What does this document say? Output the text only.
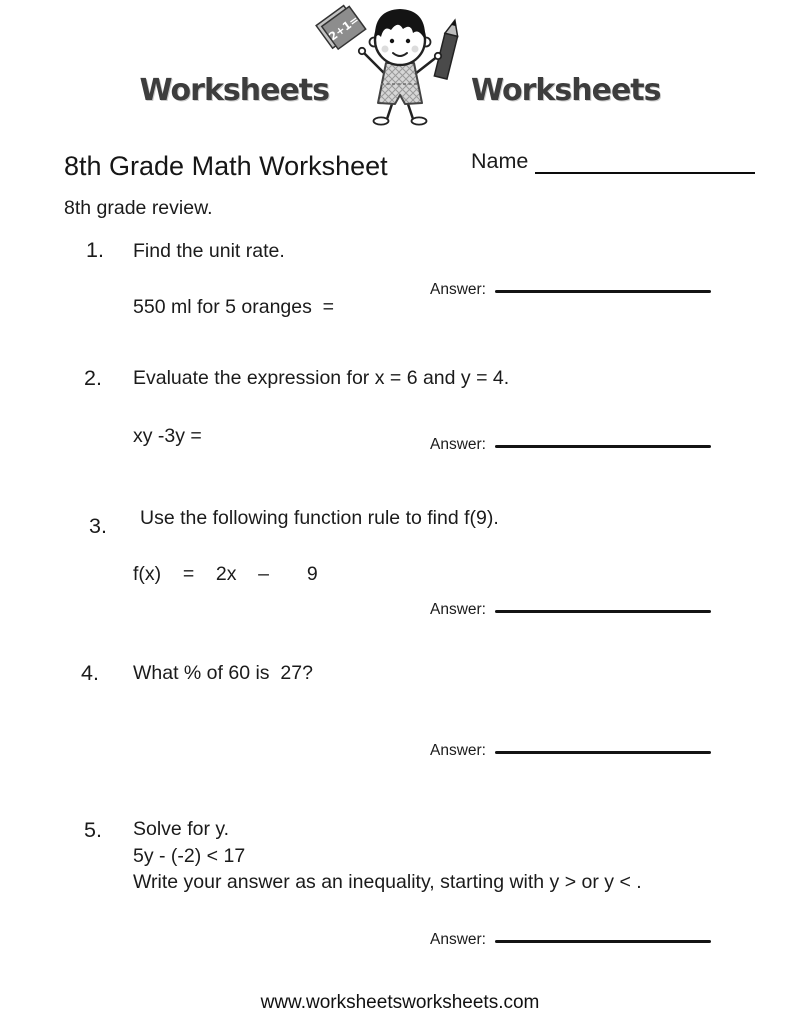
Worksheets
2+1=
Worksheets
8th Grade Math Worksheet	Name
8th grade review.
1. Find the unit rate.
550 ml for 5 oranges  =
Answer:
2. Evaluate the expression for x = 6 and y = 4.
xy -3y =	Answer:
3. Use the following function rule to find f(9).
f(x)    =    2x    –       9
Answer:
4. What % of 60 is  27?
Answer:
5. Solve for y.
5y - (-2) < 17
Write your answer as an inequality, starting with y > or y < .
Answer:
www.worksheetsworksheets.com
